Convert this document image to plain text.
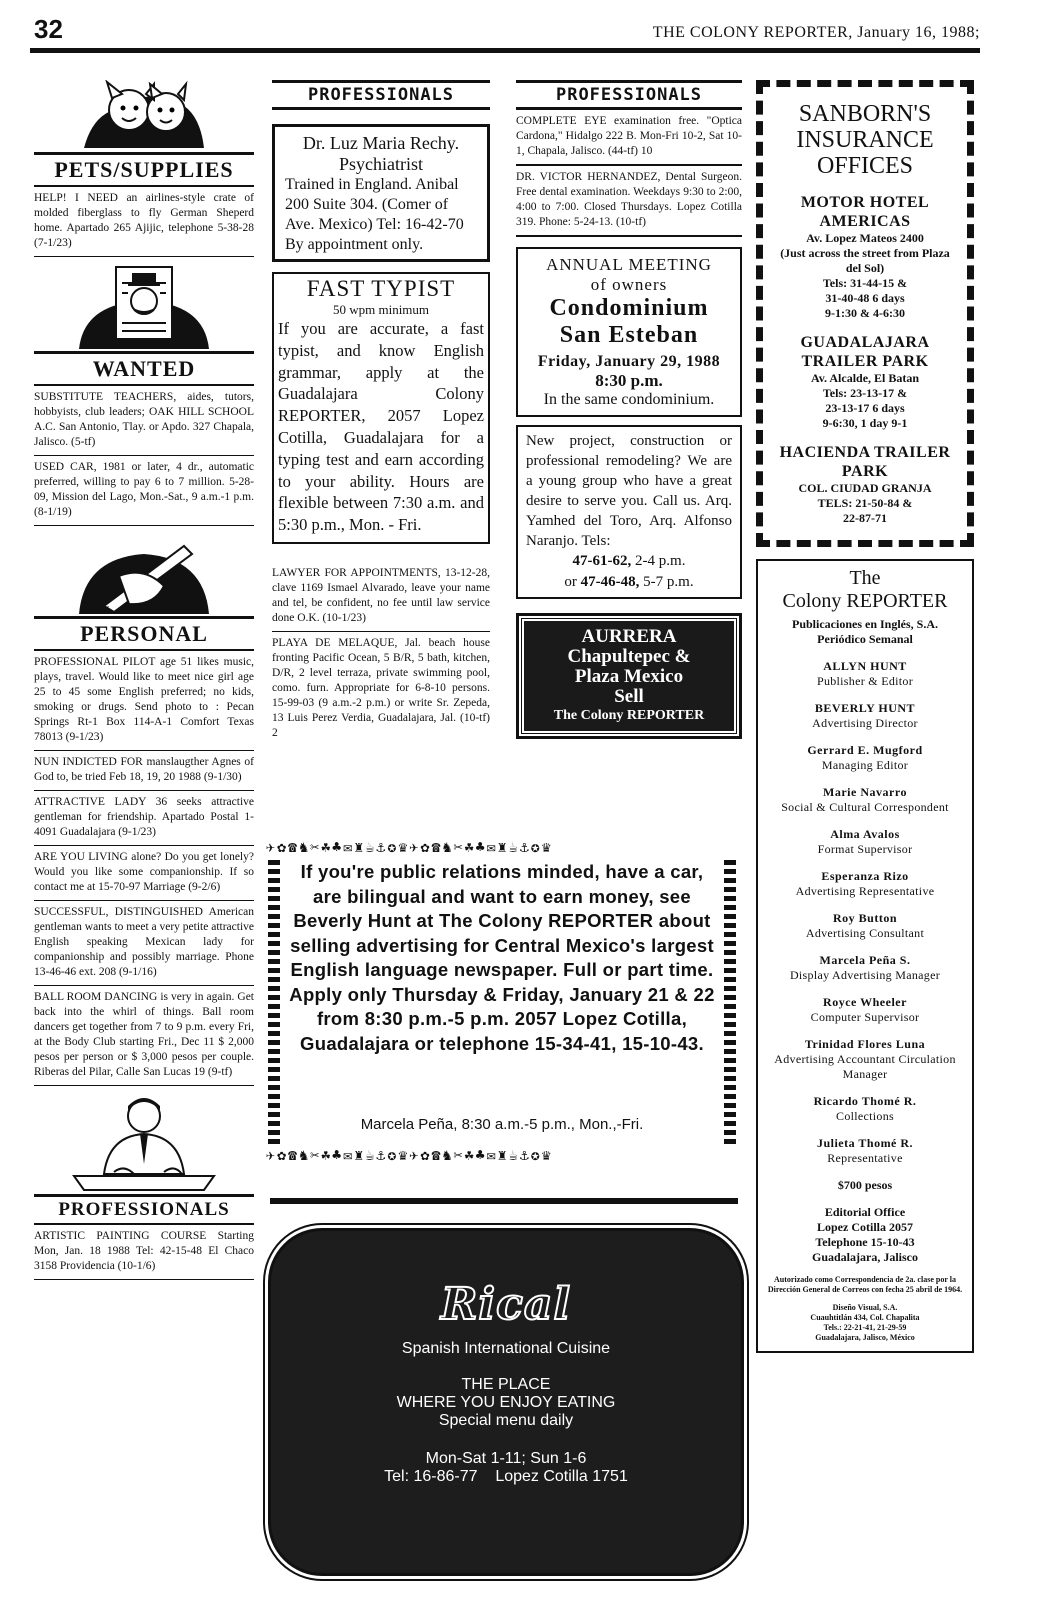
32	THE COLONY REPORTER, January 16, 1988;
PETS/SUPPLIES
HELP! I NEED an airlines-style crate of molded fiberglass to fly German Sheperd home. Apartado 265 Ajijic, telephone 5-38-28 (7-1/23)
WANTED
SUBSTITUTE TEACHERS, aides, tutors, hobbyists, club leaders; OAK HILL SCHOOL A.C. San Antonio, Tlay. or Apdo. 327 Chapala, Jalisco. (5-tf)
USED CAR, 1981 or later, 4 dr., automatic preferred, willing to pay 6 to 7 million. 5-28-09, Mission del Lago, Mon.-Sat., 9 a.m.-1 p.m. (8-1/19)
PERSONAL
PROFESSIONAL PILOT age 51 likes music, plays, travel. Would like to meet nice girl age 25 to 45 some English preferred; no kids, smoking or drugs. Send photo to : Pecan Springs Rt-1 Box 114-A-1 Comfort Texas 78013 (9-1/23)
NUN INDICTED FOR manslaugther Agnes of God to, be tried Feb 18, 19, 20 1988 (9-1/30)
ATTRACTIVE LADY 36 seeks attractive gentleman for friendship. Apartado Postal 1-4091 Guadalajara (9-1/23)
ARE YOU LIVING alone? Do you get lonely? Would you like some companionship. If so contact me at 15-70-97 Marriage (9-2/6)
SUCCESSFUL, DISTINGUISHED American gentleman wants to meet a very petite attractive English speaking Mexican lady for companionship and possibly marriage. Phone 13-46-46 ext. 208 (9-1/16)
BALL ROOM DANCING is very in again. Get back into the whirl of things. Ball room dancers get together from 7 to 9 p.m. every Fri, at the Body Club starting Fri., Dec 11 $ 2,000 pesos per person or $ 3,000 pesos per couple. Riberas del Pilar, Calle San Lucas 19 (9-tf)
PROFESSIONALS
ARTISTIC PAINTING COURSE Starting Mon, Jan. 18 1988 Tel: 42-15-48 El Chaco 3158 Providencia (10-1/6)
PROFESSIONALS
Dr. Luz Maria Rechy.
Psychiatrist
Trained in England. Anibal 200 Suite 304. (Comer of Ave. Mexico) Tel: 16-42-70 By appointment only.
FAST TYPIST
50 wpm minimum
If you are accurate, a fast typist, and know English grammar, apply at the Guadalajara Colony REPORTER, 2057 Lopez Cotilla, Guadalajara for a typing test and earn according to your ability. Hours are flexible between 7:30 a.m. and 5:30 p.m., Mon. - Fri.
LAWYER FOR APPOINTMENTS, 13-12-28, clave 1169 Ismael Alvarado, leave your name and tel, be confident, no fee until law service done O.K. (10-1/23)
PLAYA DE MELAQUE, Jal. beach house fronting Pacific Ocean, 5 B/R, 5 bath, kitchen, D/R, 2 level terraza, private swimming pool, como. furn. Appropriate for 6-8-10 persons. 15-99-03 (9 a.m.-2 p.m.) or write Sr. Zepeda, 13 Luis Perez Verdia, Guadalajara, Jal. (10-tf) 2
PROFESSIONALS
COMPLETE EYE examination free. "Optica Cardona," Hidalgo 222 B. Mon-Fri 10-2, Sat 10-1, Chapala, Jalisco. (44-tf) 10
DR. VICTOR HERNANDEZ, Dental Surgeon. Free dental examination. Weekdays 9:30 to 2:00, 4:00 to 7:00. Closed Thursdays. Lopez Cotilla 319. Phone: 5-24-13. (10-tf)
ANNUAL MEETING
of owners
Condominium
San Esteban
Friday, January 29, 1988
8:30 p.m.
In the same condominium.
New project, construction or professional remodeling? We are a young group who have a great desire to serve you. Call us. Arq. Yamhed del Toro, Arq. Alfonso Naranjo. Tels:
47-61-62, 2-4 p.m.
or 47-46-48, 5-7 p.m.
AURRERA
Chapultepec &
Plaza Mexico
Sell
The Colony REPORTER
✈✿☎♞✂☘♣✉♜☕⚓✪♛✈✿☎♞✂☘♣✉♜☕⚓✪♛
If you're public relations minded, have a car, are bilingual and want to earn money, see Beverly Hunt at The Colony REPORTER about selling advertising for Central Mexico's largest English language newspaper. Full or part time. Apply only Thursday & Friday, January 21 & 22 from 8:30 p.m.-5 p.m. 2057 Lopez Cotilla, Guadalajara or telephone 15-34-41, 15-10-43.
Marcela Peña, 8:30 a.m.-5 p.m., Mon.,-Fri.
✈✿☎♞✂☘♣✉♜☕⚓✪♛✈✿☎♞✂☘♣✉♜☕⚓✪♛
Rical
Spanish International Cuisine
THE PLACE
WHERE YOU ENJOY EATING
Special menu daily
Mon-Sat 1-11; Sun 1-6
Tel: 16-86-77 Lopez Cotilla 1751
SANBORN'S
INSURANCE
OFFICES
MOTOR HOTEL AMERICAS
Av. Lopez Mateos 2400
(Just across the street from Plaza del Sol)
Tels: 31-44-15 &
31-40-48 6 days
9-1:30 & 4-6:30
GUADALAJARA TRAILER PARK
Av. Alcalde, El Batan
Tels: 23-13-17 &
23-13-17 6 days
9-6:30, 1 day 9-1
HACIENDA TRAILER PARK
COL. CIUDAD GRANJA
TELS: 21-50-84 &
22-87-71
The
Colony REPORTER
Publicaciones en Inglés, S.A.
Periódico Semanal
ALLYN HUNT
Publisher & Editor
BEVERLY HUNT
Advertising Director
Gerrard E. Mugford
Managing Editor
Marie Navarro
Social & Cultural Correspondent
Alma Avalos
Format Supervisor
Esperanza Rizo
Advertising Representative
Roy Button
Advertising Consultant
Marcela Peña S.
Display Advertising Manager
Royce Wheeler
Computer Supervisor
Trinidad Flores Luna
Advertising Accountant Circulation Manager
Ricardo Thomé R.
Collections
Julieta Thomé R.
Representative
$700 pesos
Editorial Office
Lopez Cotilla 2057
Telephone 15-10-43
Guadalajara, Jalisco
Autorizado como Correspondencia de 2a. clase por la Dirección General de Correos con fecha 25 abril de 1964.
Diseño Visual, S.A.
Cuauhtitlán 434, Col. Chapalita
Tels.: 22-21-41, 21-29-59
Guadalajara, Jalisco, México
